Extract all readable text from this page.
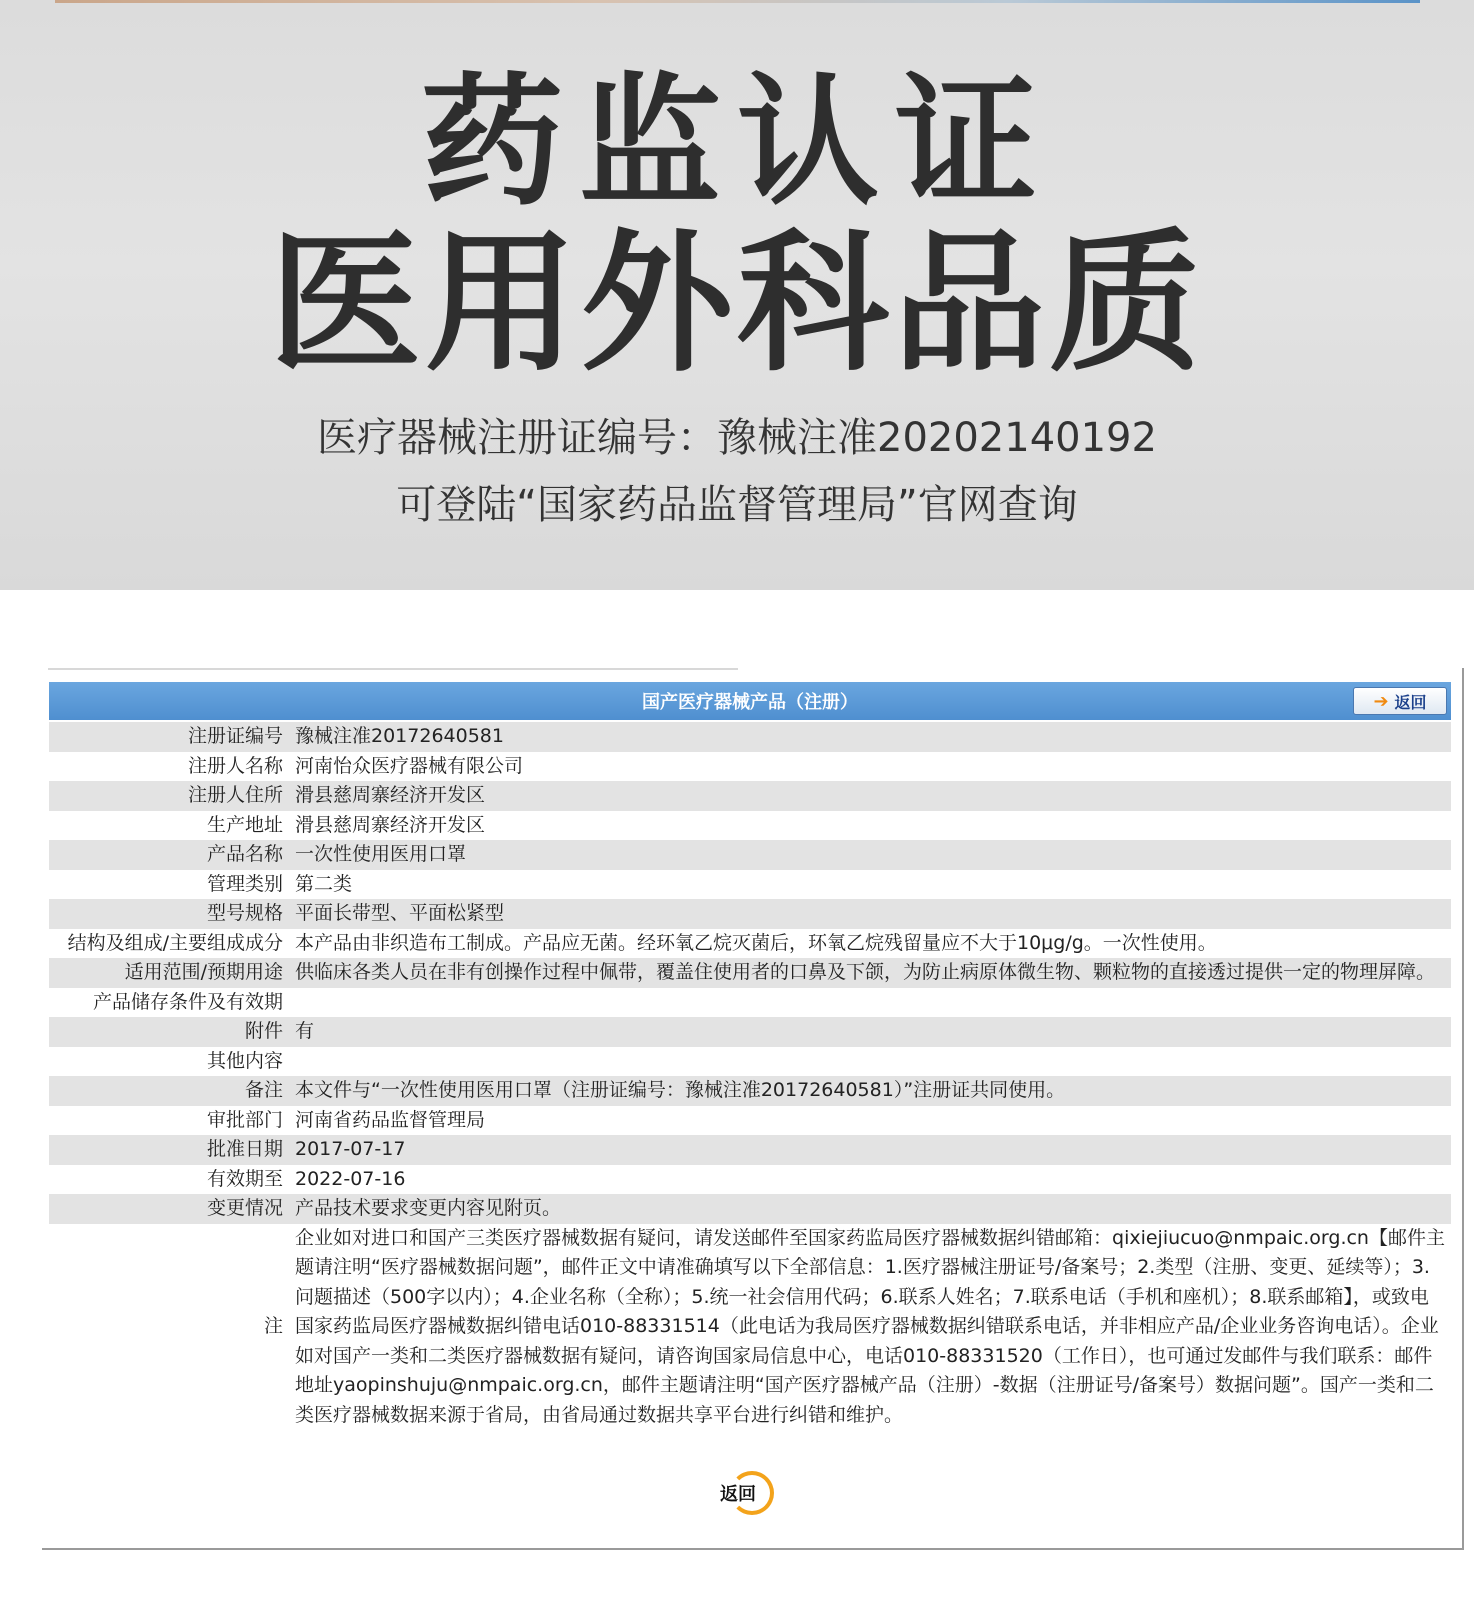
药监认证
医用外科品质
医疗器械注册证编号：豫械注准20202140192
可登陆“国家药品监督管理局”官网查询
国产医疗器械产品（注册）	➔ 返回
注册证编号	豫械注准20172640581
注册人名称	河南怡众医疗器械有限公司
注册人住所	滑县慈周寨经济开发区
生产地址	滑县慈周寨经济开发区
产品名称	一次性使用医用口罩
管理类别	第二类
型号规格	平面长带型、平面松紧型
结构及组成/主要组成成分	本产品由非织造布工制成。产品应无菌。经环氧乙烷灭菌后，环氧乙烷残留量应不大于10μg/g。一次性使用。
适用范围/预期用途	供临床各类人员在非有创操作过程中佩带，覆盖住使用者的口鼻及下颌，为防止病原体微生物、颗粒物的直接透过提供一定的物理屏障。
产品储存条件及有效期	
附件	有
其他内容	
备注	本文件与“一次性使用医用口罩（注册证编号：豫械注准20172640581）”注册证共同使用。
审批部门	河南省药品监督管理局
批准日期	2017-07-17
有效期至	2022-07-16
变更情况	产品技术要求变更内容见附页。
注	企业如对进口和国产三类医疗器械数据有疑问，请发送邮件至国家药监局医疗器械数据纠错邮箱：qixiejiucuo@nmpaic.org.cn【邮件主题请注明“医疗器械数据问题”，邮件正文中请准确填写以下全部信息：1.医疗器械注册证号/备案号；2.类型（注册、变更、延续等）；3.问题描述（500字以内）；4.企业名称（全称）；5.统一社会信用代码；6.联系人姓名；7.联系电话（手机和座机）；8.联系邮箱】，或致电国家药监局医疗器械数据纠错电话010-88331514（此电话为我局医疗器械数据纠错联系电话，并非相应产品/企业业务咨询电话）。企业如对国产一类和二类医疗器械数据有疑问，请咨询国家局信息中心，电话010-88331520（工作日），也可通过发邮件与我们联系：邮件地址yaopinshuju@nmpaic.org.cn，邮件主题请注明“国产医疗器械产品（注册）-数据（注册证号/备案号）数据问题”。国产一类和二类医疗器械数据来源于省局，由省局通过数据共享平台进行纠错和维护。
返回
